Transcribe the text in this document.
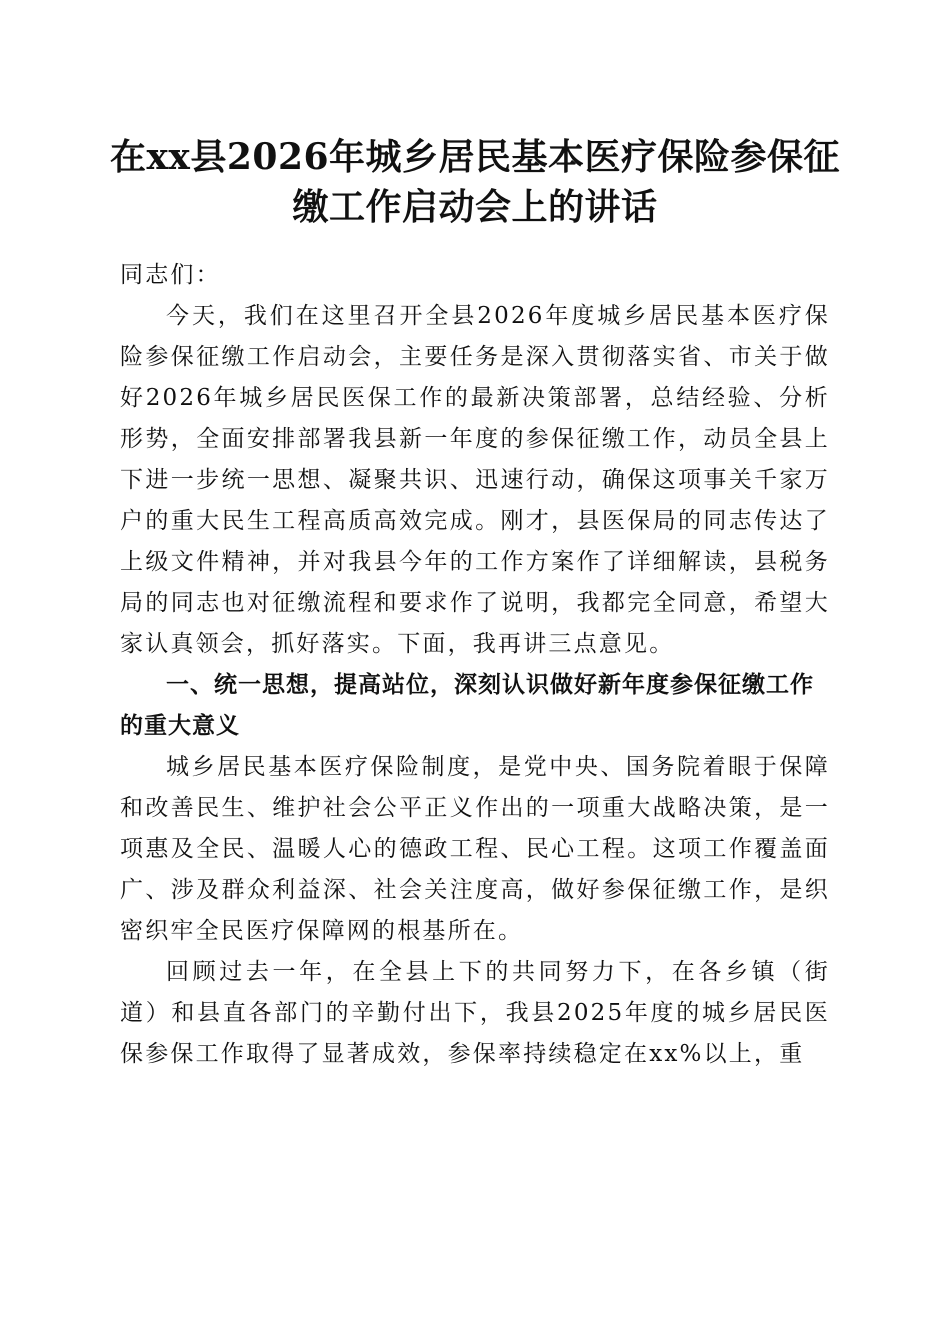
在xx县2026年城乡居民基本医疗保险参保征
缴工作启动会上的讲话

同志们：

今天，我们在这里召开全县2026年度城乡居民基本医疗保险参保征缴工作启动会，主要任务是深入贯彻落实省、市关于做好2026年城乡居民医保工作的最新决策部署，总结经验、分析形势，全面安排部署我县新一年度的参保征缴工作，动员全县上下进一步统一思想、凝聚共识、迅速行动，确保这项事关千家万户的重大民生工程高质高效完成。刚才，县医保局的同志传达了上级文件精神，并对我县今年的工作方案作了详细解读，县税务局的同志也对征缴流程和要求作了说明，我都完全同意，希望大家认真领会，抓好落实。下面，我再讲三点意见。

一、统一思想，提高站位，深刻认识做好新年度参保征缴工作的重大意义

城乡居民基本医疗保险制度，是党中央、国务院着眼于保障和改善民生、维护社会公平正义作出的一项重大战略决策，是一项惠及全民、温暖人心的德政工程、民心工程。这项工作覆盖面广、涉及群众利益深、社会关注度高，做好参保征缴工作，是织密织牢全民医疗保障网的根基所在。

回顾过去一年，在全县上下的共同努力下，在各乡镇（街道）和县直各部门的辛勤付出下，我县2025年度的城乡居民医保参保工作取得了显著成效，参保率持续稳定在xx%以上，重
